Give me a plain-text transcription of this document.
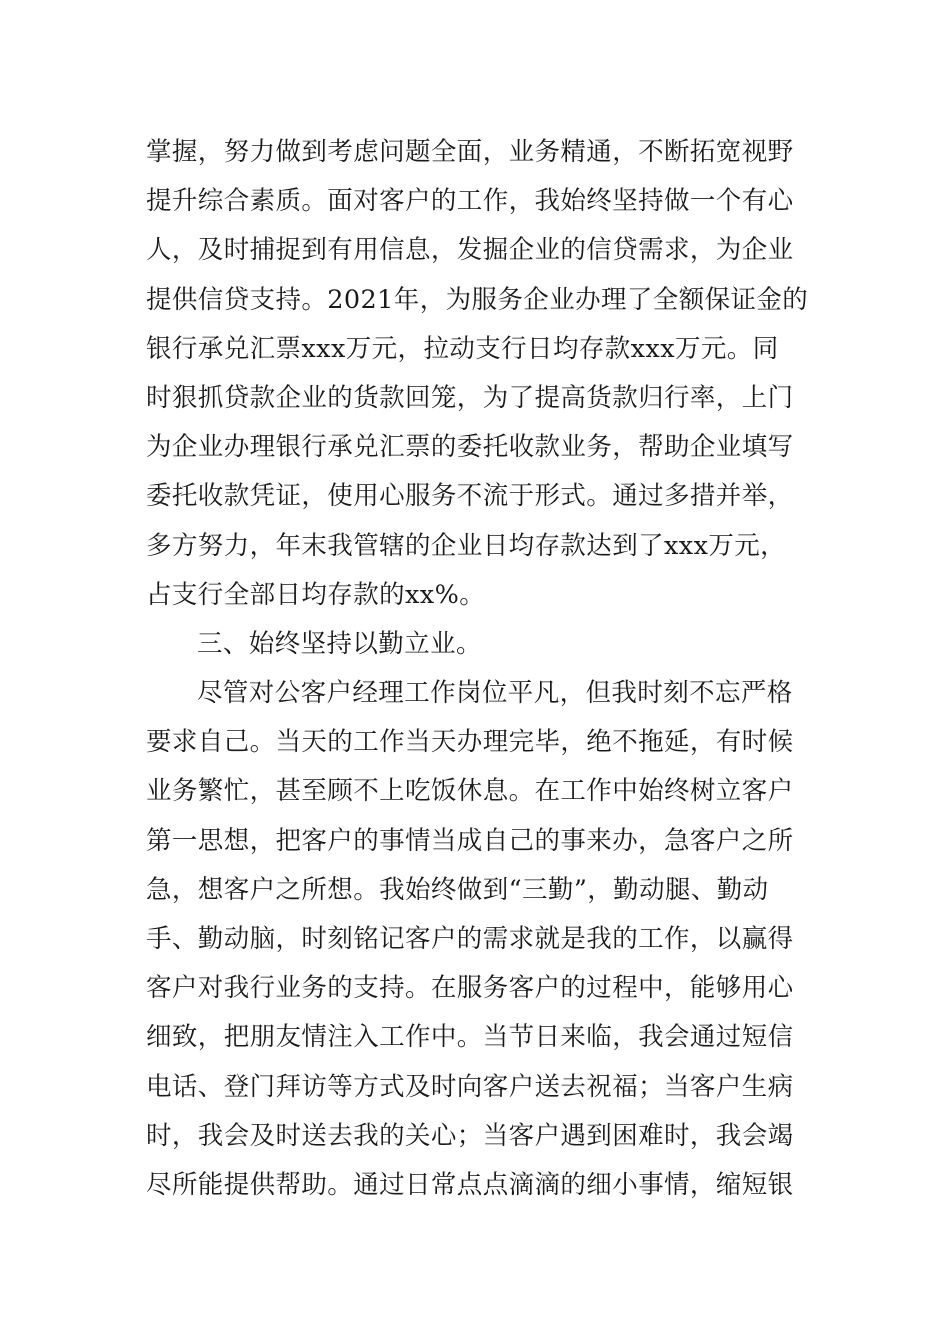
掌握，努力做到考虑问题全面，业务精通，不断拓宽视野
提升综合素质。面对客户的工作，我始终坚持做一个有心
人，及时捕捉到有用信息，发掘企业的信贷需求，为企业
提供信贷支持。2021年，为服务企业办理了全额保证金的
银行承兑汇票xxx万元，拉动支行日均存款xxx万元。同
时狠抓贷款企业的货款回笼，为了提高货款归行率，上门
为企业办理银行承兑汇票的委托收款业务，帮助企业填写
委托收款凭证，使用心服务不流于形式。通过多措并举，
多方努力，年末我管辖的企业日均存款达到了xxx万元，
占支行全部日均存款的xx%。
三、始终坚持以勤立业。
尽管对公客户经理工作岗位平凡，但我时刻不忘严格
要求自己。当天的工作当天办理完毕，绝不拖延，有时候
业务繁忙，甚至顾不上吃饭休息。在工作中始终树立客户
第一思想，把客户的事情当成自己的事来办，急客户之所
急，想客户之所想。我始终做到“三勤”，勤动腿、勤动
手、勤动脑，时刻铭记客户的需求就是我的工作，以赢得
客户对我行业务的支持。在服务客户的过程中，能够用心
细致，把朋友情注入工作中。当节日来临，我会通过短信
电话、登门拜访等方式及时向客户送去祝福；当客户生病
时，我会及时送去我的关心；当客户遇到困难时，我会竭
尽所能提供帮助。通过日常点点滴滴的细小事情，缩短银
